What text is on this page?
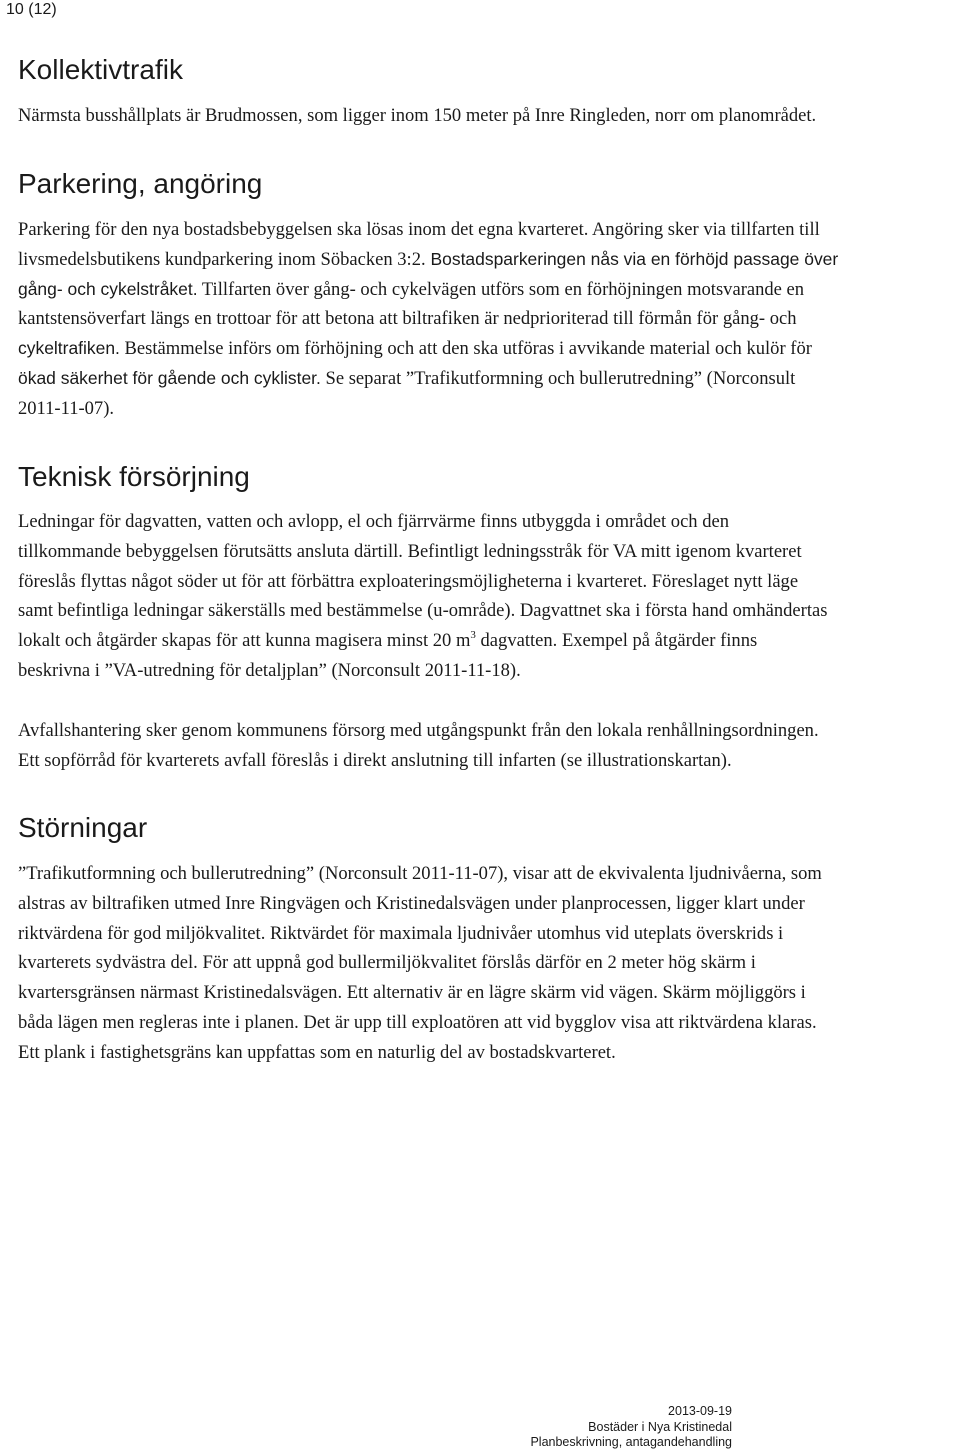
10 (12)
Kollektivtrafik

Närmsta busshållplats är Brudmossen, som ligger inom 150 meter på Inre Ringleden, norr om planområdet.

Parkering, angöring

Parkering för den nya bostadsbebyggelsen ska lösas inom det egna kvarteret. Angöring sker via tillfarten till
livsmedelsbutikens kundparkering inom Söbacken 3:2. Bostadsparkeringen nås via en förhöjd passage över
gång- och cykelstråket. Tillfarten över gång- och cykelvägen utförs som en förhöjningen motsvarande en
kantstensöverfart längs en trottoar för att betona att biltrafiken är nedprioriterad till förmån för gång- och
cykeltrafiken. Bestämmelse införs om förhöjning och att den ska utföras i avvikande material och kulör för
ökad säkerhet för gående och cyklister. Se separat ”Trafikutformning och bullerutredning” (Norconsult
2011-11-07).

Teknisk försörjning

Ledningar för dagvatten, vatten och avlopp, el och fjärrvärme finns utbyggda i området och den
tillkommande bebyggelsen förutsätts ansluta därtill. Befintligt ledningsstråk för VA mitt igenom kvarteret
föreslås flyttas något söder ut för att förbättra exploateringsmöjligheterna i kvarteret. Föreslaget nytt läge
samt befintliga ledningar säkerställs med bestämmelse (u-område). Dagvattnet ska i första hand omhändertas
lokalt och åtgärder skapas för att kunna magisera minst 20 $m^3$ dagvatten. Exempel på åtgärder finns
beskrivna i ”VA-utredning för detaljplan” (Norconsult 2011-11-18).

Avfallshantering sker genom kommunens försorg med utgångspunkt från den lokala renhållningsordningen.
Ett sopförråd för kvarterets avfall föreslås i direkt anslutning till infarten (se illustrationskartan).

Störningar

”Trafikutformning och bullerutredning” (Norconsult 2011-11-07), visar att de ekvivalenta ljudnivåerna, som
alstras av biltrafiken utmed Inre Ringvägen och Kristinedalsvägen under planprocessen, ligger klart under
riktvärdena för god miljökvalitet. Riktvärdet för maximala ljudnivåer utomhus vid uteplats överskrids i
kvarterets sydvästra del. För att uppnå god bullermiljökvalitet förslås därför en 2 meter hög skärm i
kvartersgränsen närmast Kristinedalsvägen. Ett alternativ är en lägre skärm vid vägen. Skärm möjliggörs i
båda lägen men regleras inte i planen. Det är upp till exploatören att vid bygglov visa att riktvärdena klaras.
Ett plank i fastighetsgräns kan uppfattas som en naturlig del av bostadskvarteret.

2013-09-19
Bostäder i Nya Kristinedal
Planbeskrivning, antagandehandling
